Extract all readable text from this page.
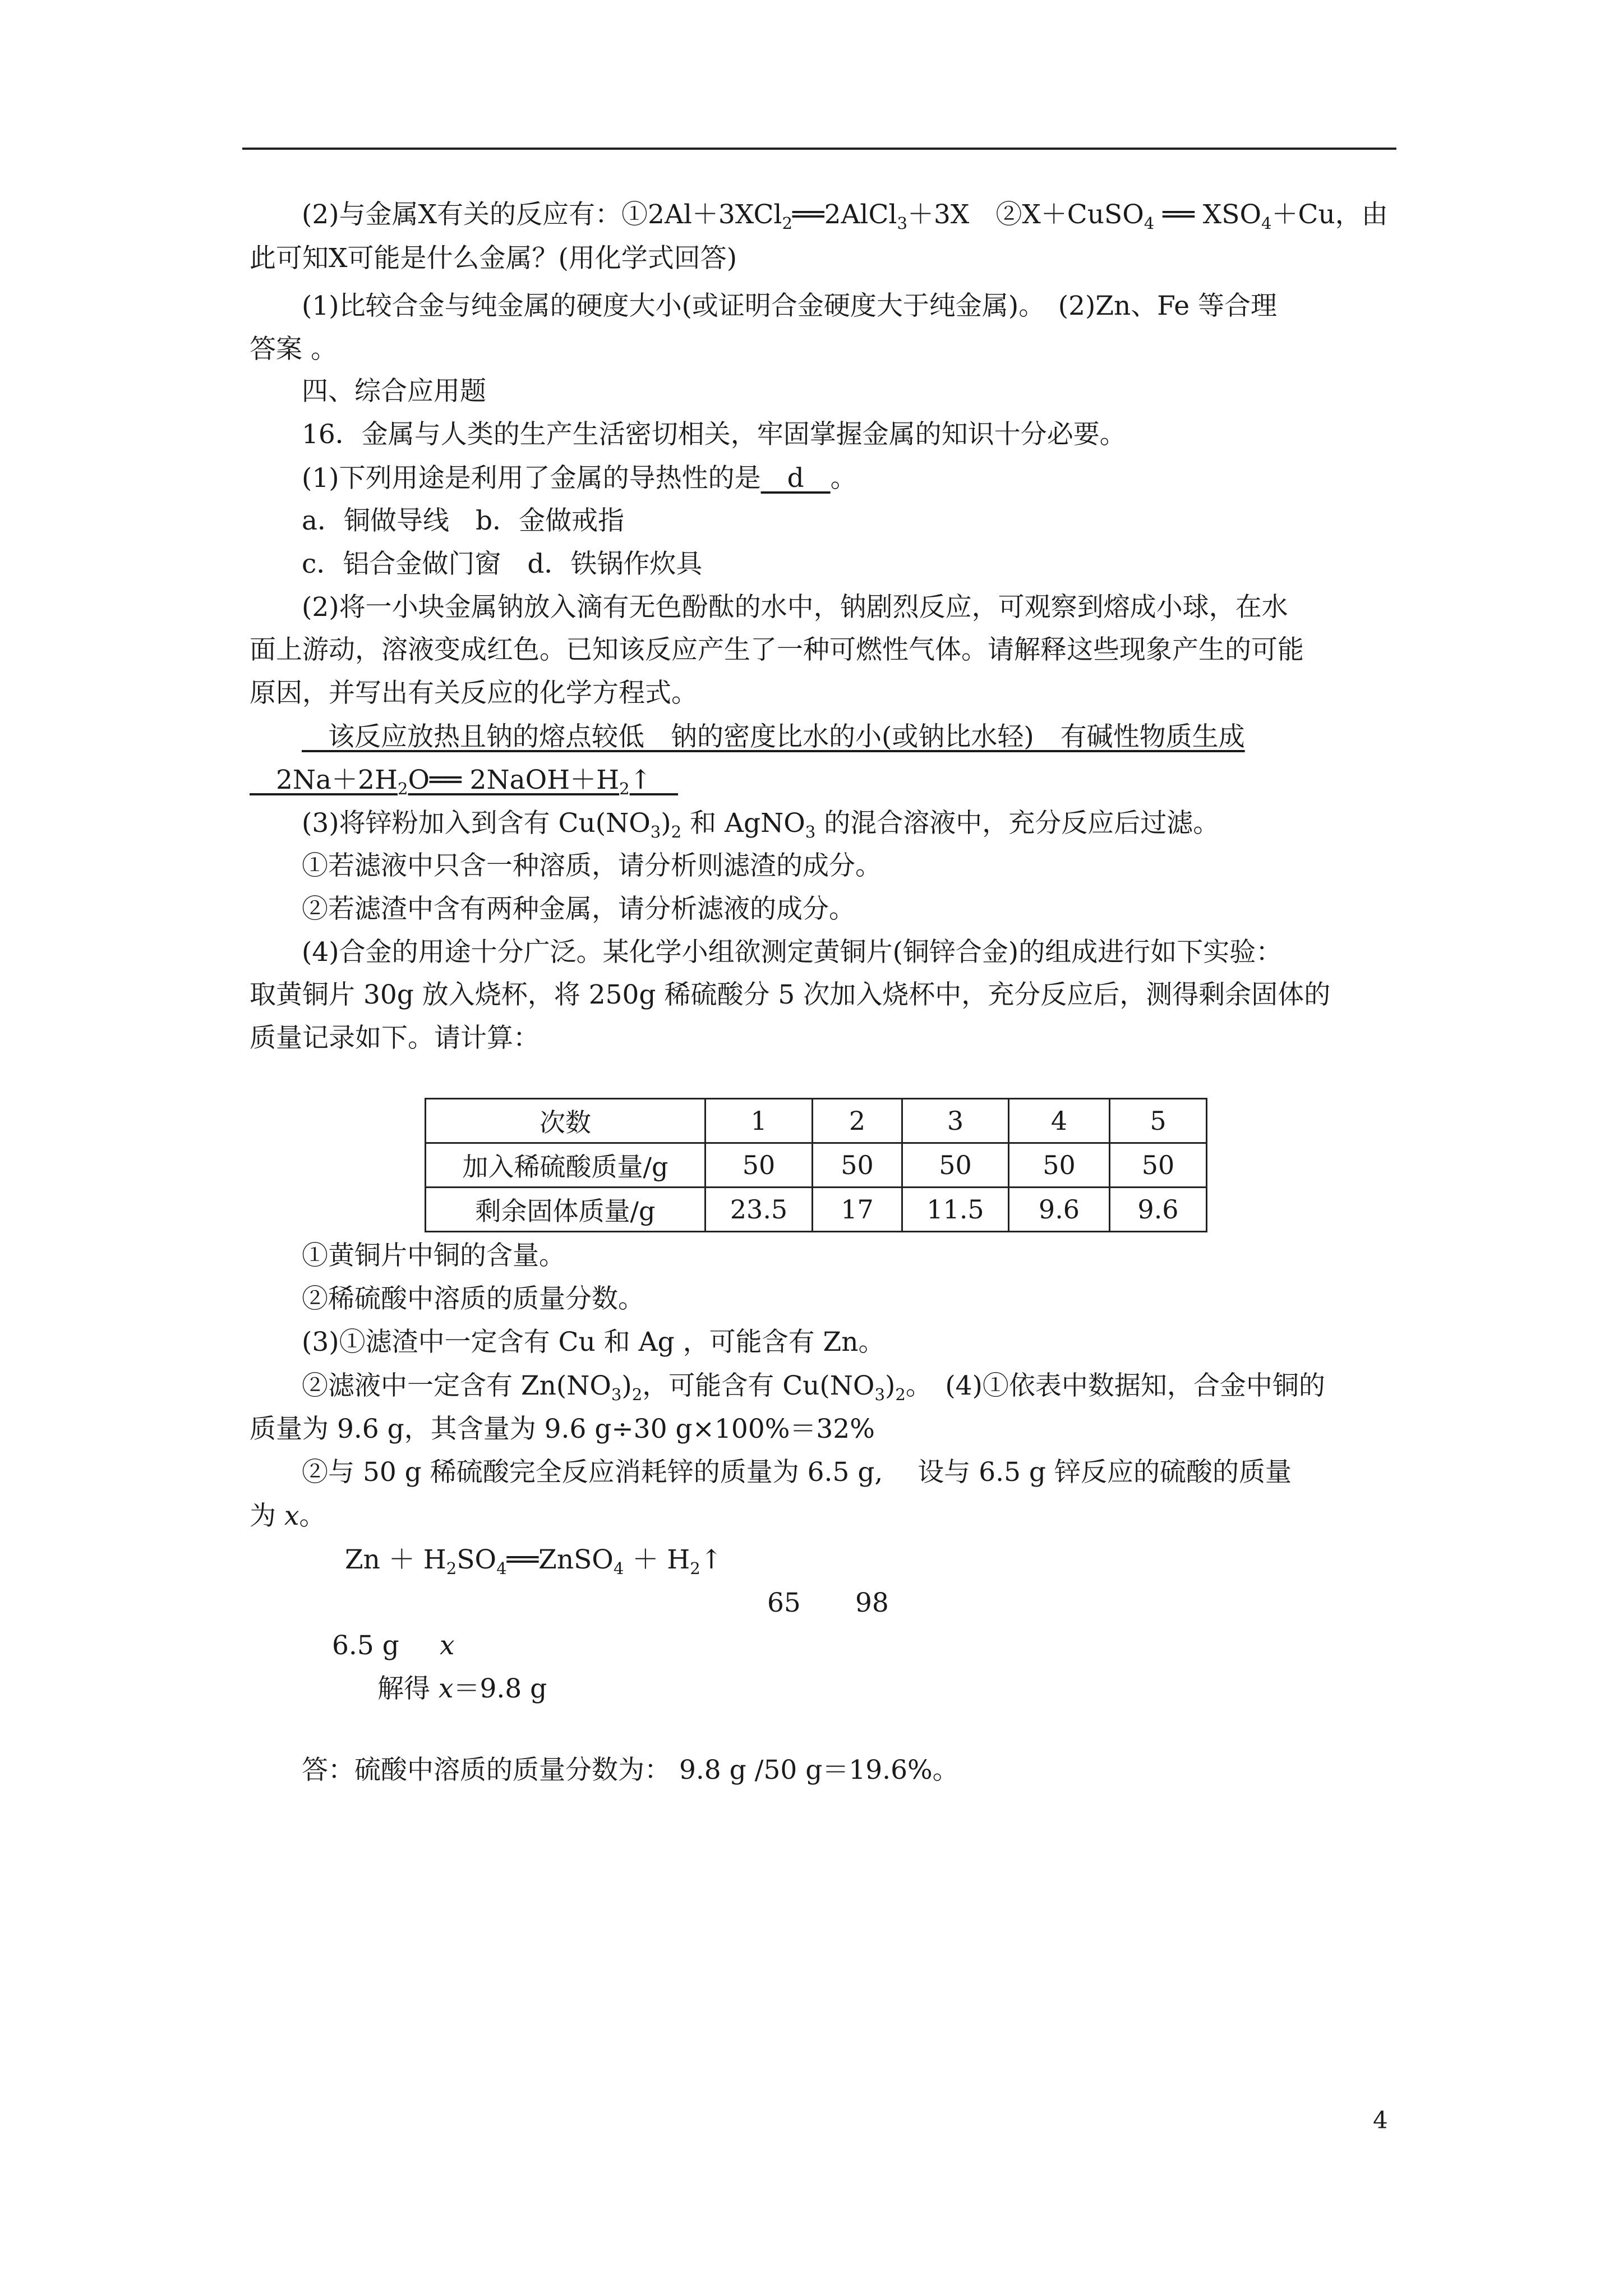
(2)与金属X有关的反应有：①2Al＋3XCl$_2$══2AlCl$_3$＋3X　②X＋CuSO$_4$ ══ $XSO_4+Cu$，由
此可知X可能是什么金属？(用化学式回答)
(1)比较合金与纯金属的硬度大小(或证明合金硬度大于纯金属)。　(2)Zn、Fe 等合理
答案 。
四、综合应用题
16．金属与人类的生产生活密切相关，牢固掌握金属的知识十分必要。
(1)下列用途是利用了金属的导热性的是　d　。
a．铜做导线　b．金做戒指
c．铝合金做门窗　d．铁锅作炊具
(2)将一小块金属钠放入滴有无色酚酞的水中，钠剧烈反应，可观察到熔成小球，在水
面上游动，溶液变成红色。已知该反应产生了一种可燃性气体。请解释这些现象产生的可能
原因，并写出有关反应的化学方程式。
　该反应放热且钠的熔点较低　钠的密度比水的小(或钠比水轻)　有碱性物质生成
　$2Na+2H_2O══$ $2NaOH+H_2↑$　
(3)将锌粉加入到含有 $Cu(NO_3)_2$ 和 AgNO$_3$ 的混合溶液中，充分反应后过滤。
①若滤液中只含一种溶质，请分析则滤渣的成分。
②若滤渣中含有两种金属，请分析滤液的成分。
(4)合金的用途十分广泛。某化学小组欲测定黄铜片(铜锌合金)的组成进行如下实验：
取黄铜片 30g 放入烧杯，将 250g 稀硫酸分 5 次加入烧杯中，充分反应后，测得剩余固体的
质量记录如下。请计算：
次数	1	2	3	4	5
加入稀硫酸质量/g	50	50	50	50	50
剩余固体质量/g	23.5	17	11.5	9.6	9.6
①黄铜片中铜的含量。
②稀硫酸中溶质的质量分数。
(3)①滤渣中一定含有 Cu 和 Ag ，可能含有 Zn。
②滤液中一定含有 $Zn(NO_3)_2$，可能含有 $Cu(NO_3)_2$。　(4)①依表中数据知，合金中铜的
质量为 9.6 g，其含量为 9.6 g÷30 g×100%＝32%
②与 50 g 稀硫酸完全反应消耗锌的质量为 6.5 g,　 设与 6.5 g 锌反应的硫酸的质量
为 x。
$Zn + H_2SO_4══ZnSO_4$ ＋ $H_2↑$
65 98
6.5 g x
解得 x＝9.8 g
答：硫酸中溶质的质量分数为： 9.8 g /50 g＝19.6%。
4
